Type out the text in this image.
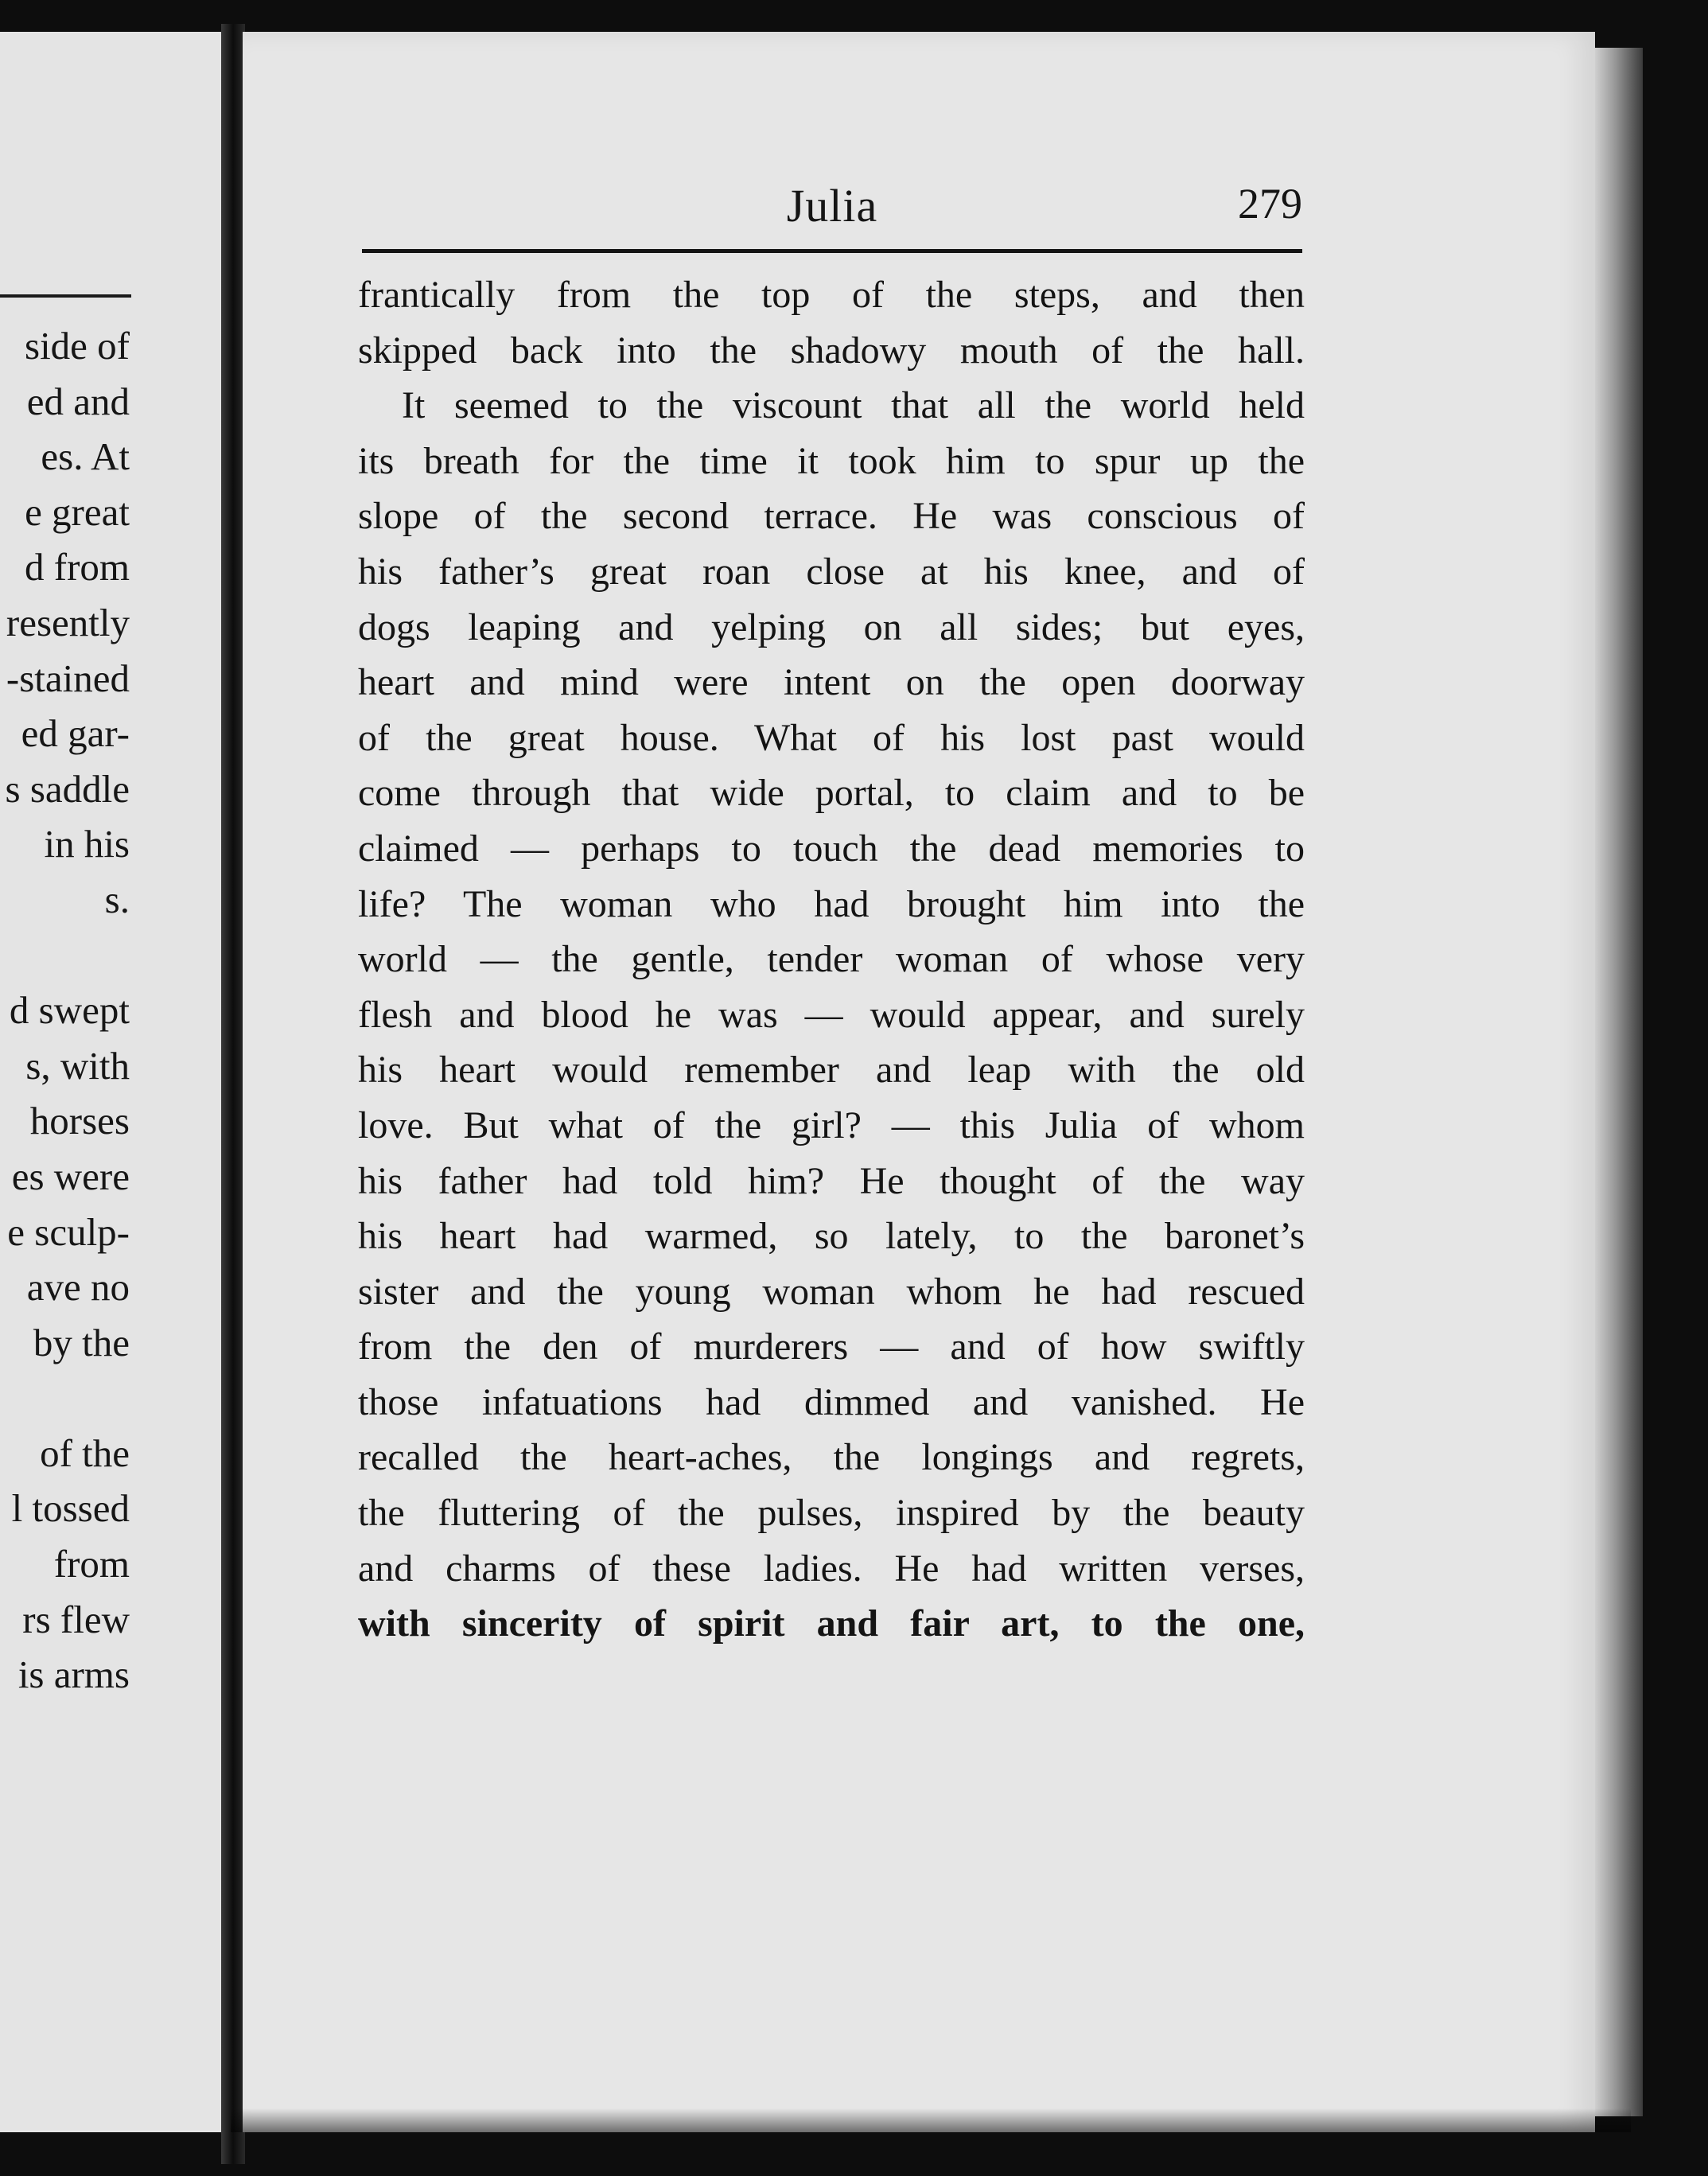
side of
ed and
es. At
e great
d from
resently
-stained
ed gar-
s saddle
in his
s.
d swept
s, with
horses
es were
e sculp-
ave no
by the
of the
l tossed
from
rs flew
is arms
Julia	279
frantically from the top of the steps, and then
skipped back into the shadowy mouth of the hall.
It seemed to the viscount that all the world held
its breath for the time it took him to spur up the
slope of the second terrace. He was conscious of
his father’s great roan close at his knee, and of
dogs leaping and yelping on all sides; but eyes,
heart and mind were intent on the open doorway
of the great house. What of his lost past would
come through that wide portal, to claim and to be
claimed — perhaps to touch the dead memories to
life? The woman who had brought him into the
world — the gentle, tender woman of whose very
flesh and blood he was — would appear, and surely
his heart would remember and leap with the old
love. But what of the girl? — this Julia of whom
his father had told him? He thought of the way
his heart had warmed, so lately, to the baronet’s
sister and the young woman whom he had rescued
from the den of murderers — and of how swiftly
those infatuations had dimmed and vanished. He
recalled the heart-aches, the longings and regrets,
the fluttering of the pulses, inspired by the beauty
and charms of these ladies. He had written verses,
with sincerity of spirit and fair art, to the one,
